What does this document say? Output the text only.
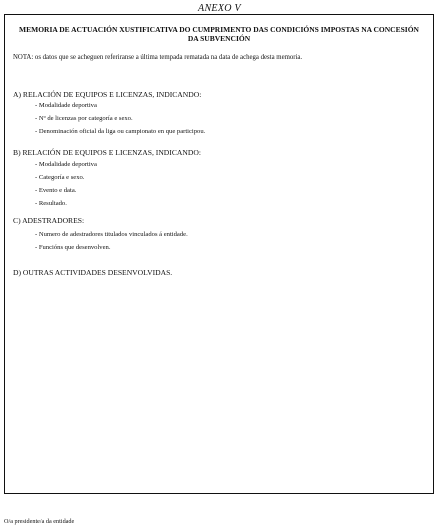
ANEXO V
MEMORIA DE ACTUACIÓN XUSTIFICATIVA DO CUMPRIMENTO DAS CONDICIÓNS IMPOSTAS NA CONCESIÓN DA SUBVENCIÓN
NOTA: os datos que se acheguen referiranse a última tempada rematada na data de achega desta memoria.
A) RELACIÓN DE EQUIPOS E LICENZAS, INDICANDO:
- Modalidade deportiva
- Nº de licenzas por categoría e sexo.
- Denominación oficial da liga ou campionato en que participou.
B) RELACIÓN DE EQUIPOS E LICENZAS, INDICANDO:
- Modalidade deportiva
- Categoría e sexo.
- Evento e data.
- Resultado.
C) ADESTRADORES:
- Numero de adestradores titulados vinculados á entidade.
- Funcións que desenvolven.
D) OUTRAS ACTIVIDADES DESENVOLVIDAS.
O/a presidente/a da entidade
